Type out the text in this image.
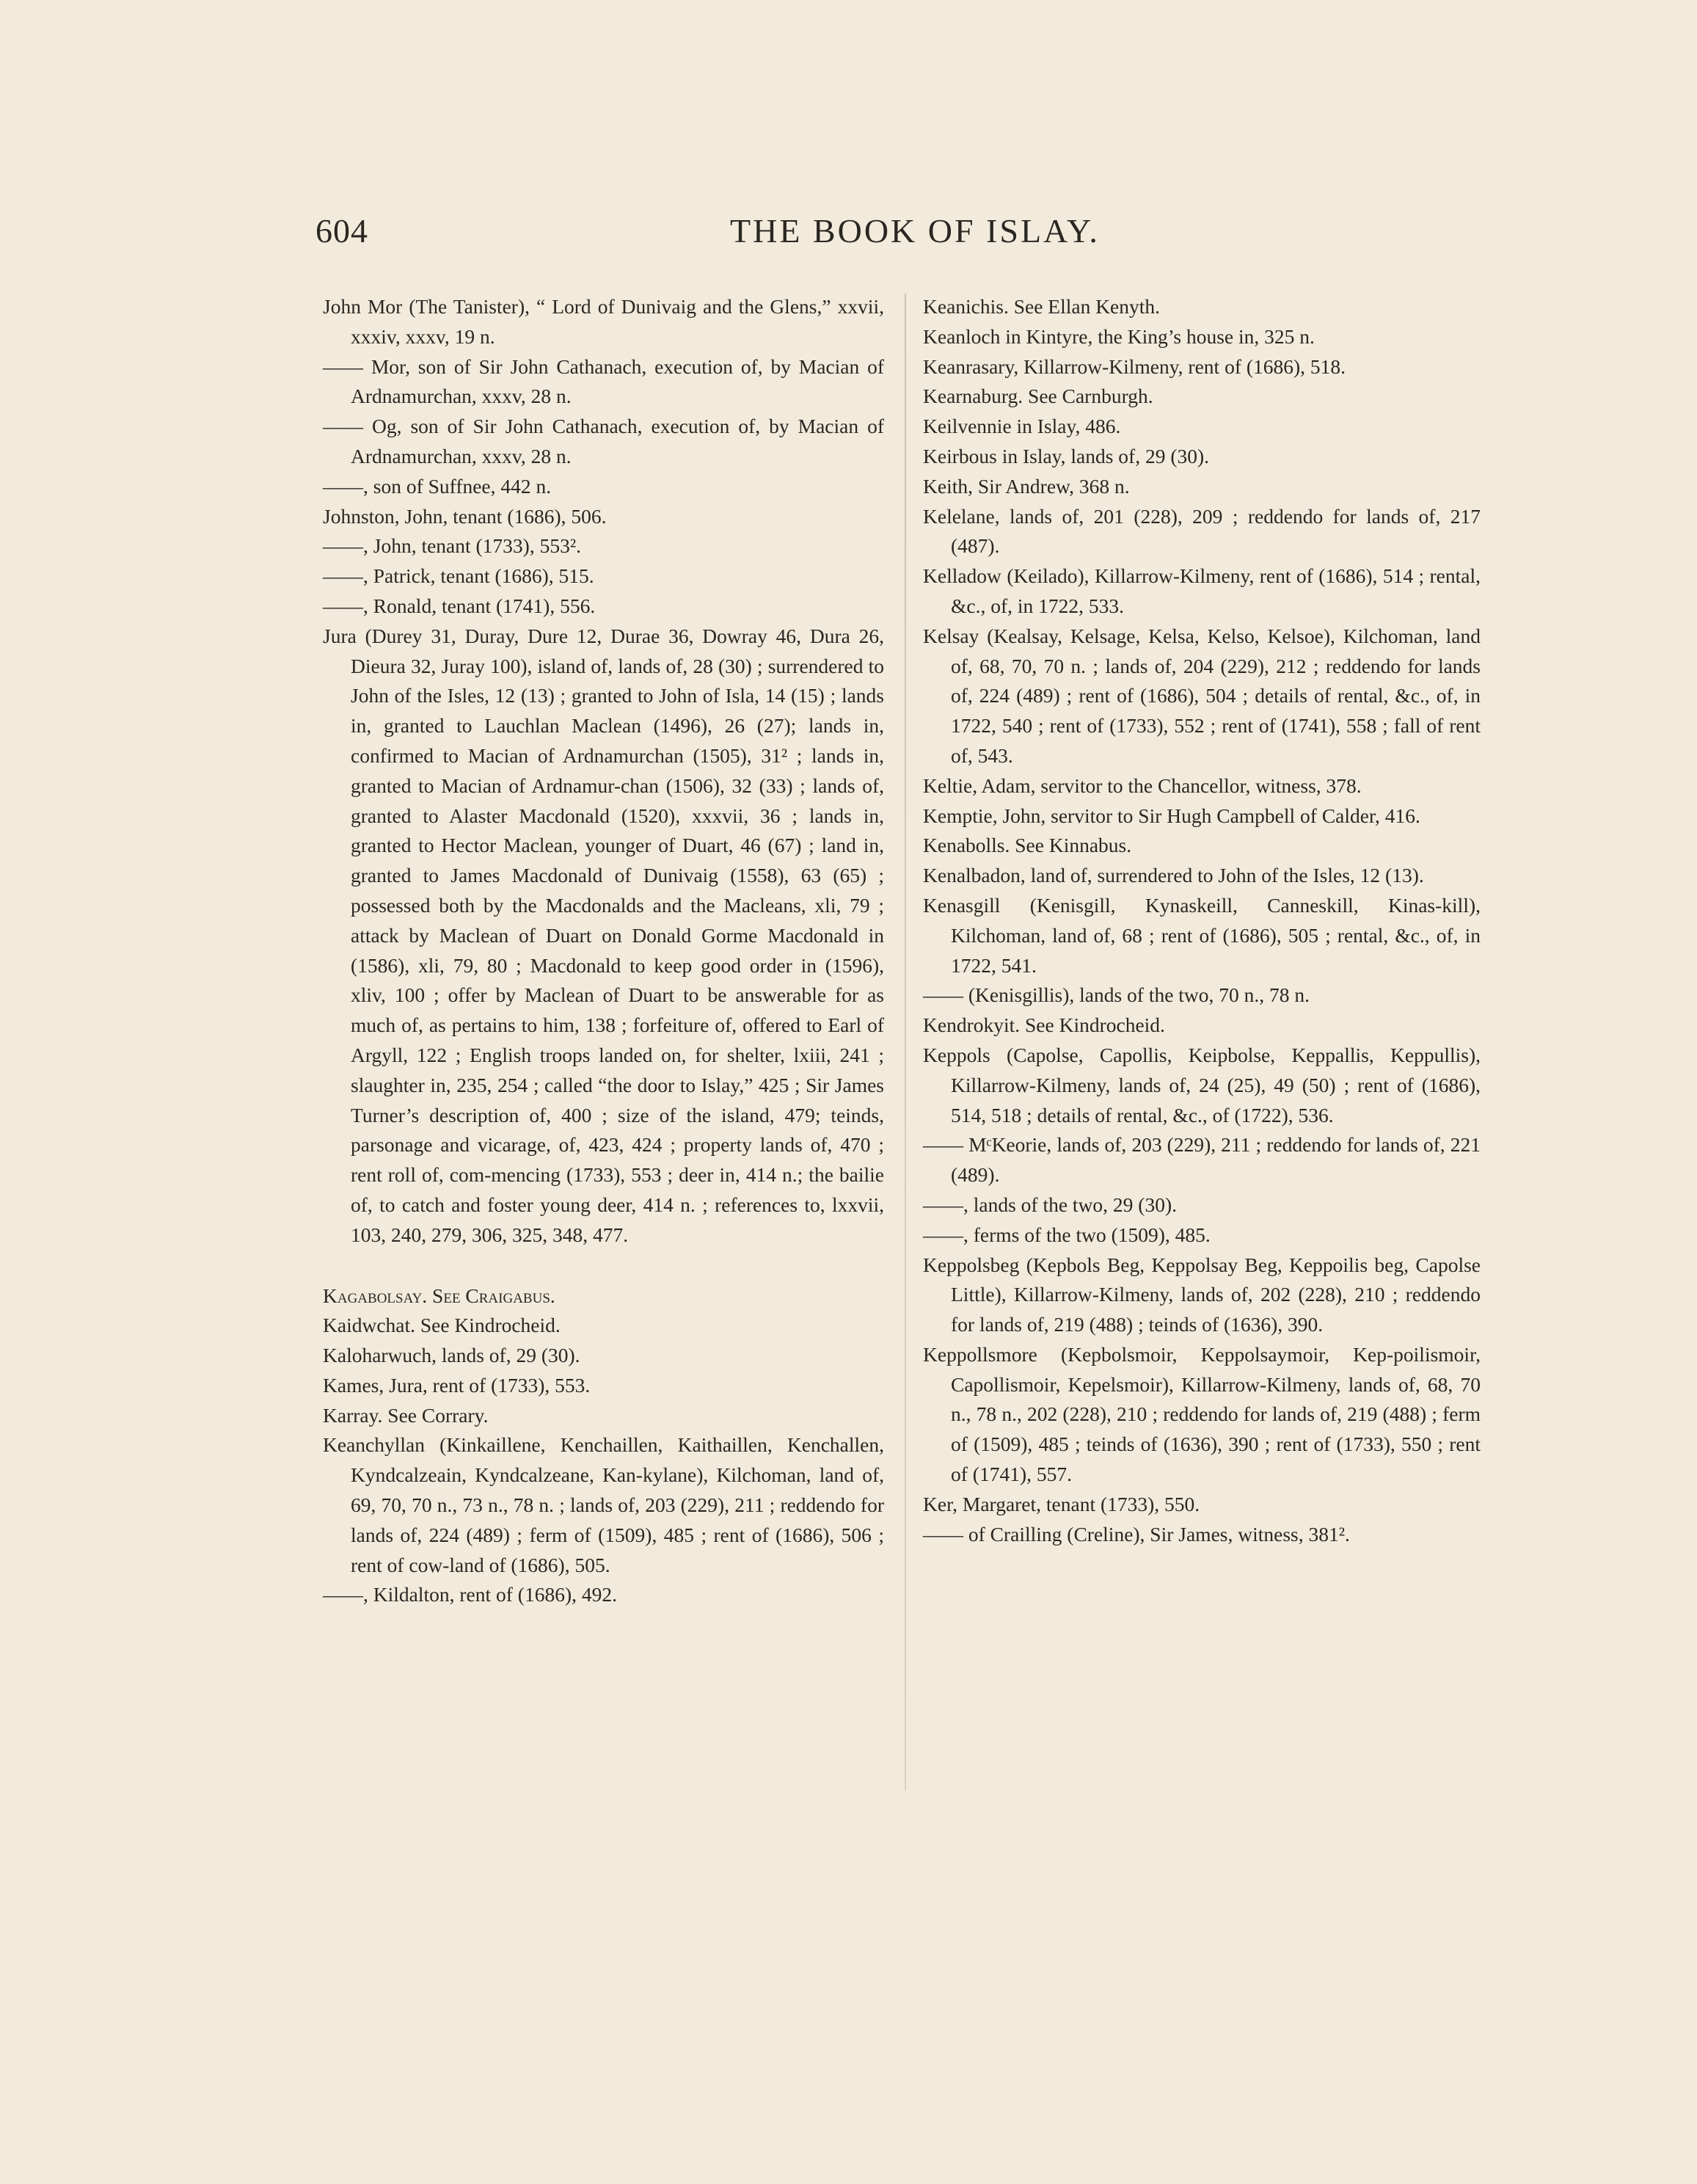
604	THE BOOK OF ISLAY.

John Mor (The Tanister), “ Lord of Dunivaig and the Glens,” xxvii, xxxiv, xxxv, 19 n.

—— Mor, son of Sir John Cathanach, execution of, by Macian of Ardnamurchan, xxxv, 28 n.

—— Og, son of Sir John Cathanach, execution of, by Macian of Ardnamurchan, xxxv, 28 n.

——, son of Suffnee, 442 n.

Johnston, John, tenant (1686), 506.

——, John, tenant (1733), 553².

——, Patrick, tenant (1686), 515.

——, Ronald, tenant (1741), 556.

Jura (Durey 31, Duray, Dure 12, Durae 36, Dowray 46, Dura 26, Dieura 32, Juray 100), island of, lands of, 28 (30) ; surrendered to John of the Isles, 12 (13) ; granted to John of Isla, 14 (15) ; lands in, granted to Lauchlan Maclean (1496), 26 (27); lands in, confirmed to Macian of Ardnamurchan (1505), 31² ; lands in, granted to Macian of Ardnamur-chan (1506), 32 (33) ; lands of, granted to Alaster Macdonald (1520), xxxvii, 36 ; lands in, granted to Hector Maclean, younger of Duart, 46 (67) ; land in, granted to James Macdonald of Dunivaig (1558), 63 (65) ; possessed both by the Macdonalds and the Macleans, xli, 79 ; attack by Maclean of Duart on Donald Gorme Macdonald in (1586), xli, 79, 80 ; Macdonald to keep good order in (1596), xliv, 100 ; offer by Maclean of Duart to be answerable for as much of, as pertains to him, 138 ; forfeiture of, offered to Earl of Argyll, 122 ; English troops landed on, for shelter, lxiii, 241 ; slaughter in, 235, 254 ; called “the door to Islay,” 425 ; Sir James Turner’s description of, 400 ; size of the island, 479; teinds, parsonage and vicarage, of, 423, 424 ; property lands of, 470 ; rent roll of, com-mencing (1733), 553 ; deer in, 414 n.; the bailie of, to catch and foster young deer, 414 n. ; references to, lxxvii, 103, 240, 279, 306, 325, 348, 477.

Kagabolsay. See Craigabus.

Kaidwchat. See Kindrocheid.

Kaloharwuch, lands of, 29 (30).

Kames, Jura, rent of (1733), 553.

Karray. See Corrary.

Keanchyllan (Kinkaillene, Kenchaillen, Kaithaillen, Kenchallen, Kyndcalzeain, Kyndcalzeane, Kan-kylane), Kilchoman, land of, 69, 70, 70 n., 73 n., 78 n. ; lands of, 203 (229), 211 ; reddendo for lands of, 224 (489) ; ferm of (1509), 485 ; rent of (1686), 506 ; rent of cow-land of (1686), 505.

——, Kildalton, rent of (1686), 492.

Keanichis. See Ellan Kenyth.

Keanloch in Kintyre, the King’s house in, 325 n.

Keanrasary, Killarrow-Kilmeny, rent of (1686), 518.

Kearnaburg. See Carnburgh.

Keilvennie in Islay, 486.

Keirbous in Islay, lands of, 29 (30).

Keith, Sir Andrew, 368 n.

Kelelane, lands of, 201 (228), 209 ; reddendo for lands of, 217 (487).

Kelladow (Keilado), Killarrow-Kilmeny, rent of (1686), 514 ; rental, &c., of, in 1722, 533.

Kelsay (Kealsay, Kelsage, Kelsa, Kelso, Kelsoe), Kilchoman, land of, 68, 70, 70 n. ; lands of, 204 (229), 212 ; reddendo for lands of, 224 (489) ; rent of (1686), 504 ; details of rental, &c., of, in 1722, 540 ; rent of (1733), 552 ; rent of (1741), 558 ; fall of rent of, 543.

Keltie, Adam, servitor to the Chancellor, witness, 378.

Kemptie, John, servitor to Sir Hugh Campbell of Calder, 416.

Kenabolls. See Kinnabus.

Kenalbadon, land of, surrendered to John of the Isles, 12 (13).

Kenasgill (Kenisgill, Kynaskeill, Canneskill, Kinas-kill), Kilchoman, land of, 68 ; rent of (1686), 505 ; rental, &c., of, in 1722, 541.

—— (Kenisgillis), lands of the two, 70 n., 78 n.

Kendrokyit. See Kindrocheid.

Keppols (Capolse, Capollis, Keipbolse, Keppallis, Keppullis), Killarrow-Kilmeny, lands of, 24 (25), 49 (50) ; rent of (1686), 514, 518 ; details of rental, &c., of (1722), 536.

—— MᶜKeorie, lands of, 203 (229), 211 ; reddendo for lands of, 221 (489).

——, lands of the two, 29 (30).

——, ferms of the two (1509), 485.

Keppolsbeg (Kepbols Beg, Keppolsay Beg, Keppoilis beg, Capolse Little), Killarrow-Kilmeny, lands of, 202 (228), 210 ; reddendo for lands of, 219 (488) ; teinds of (1636), 390.

Keppollsmore (Kepbolsmoir, Keppolsaymoir, Kep-poilismoir, Capollismoir, Kepelsmoir), Killarrow-Kilmeny, lands of, 68, 70 n., 78 n., 202 (228), 210 ; reddendo for lands of, 219 (488) ; ferm of (1509), 485 ; teinds of (1636), 390 ; rent of (1733), 550 ; rent of (1741), 557.

Ker, Margaret, tenant (1733), 550.

—— of Crailling (Creline), Sir James, witness, 381².
